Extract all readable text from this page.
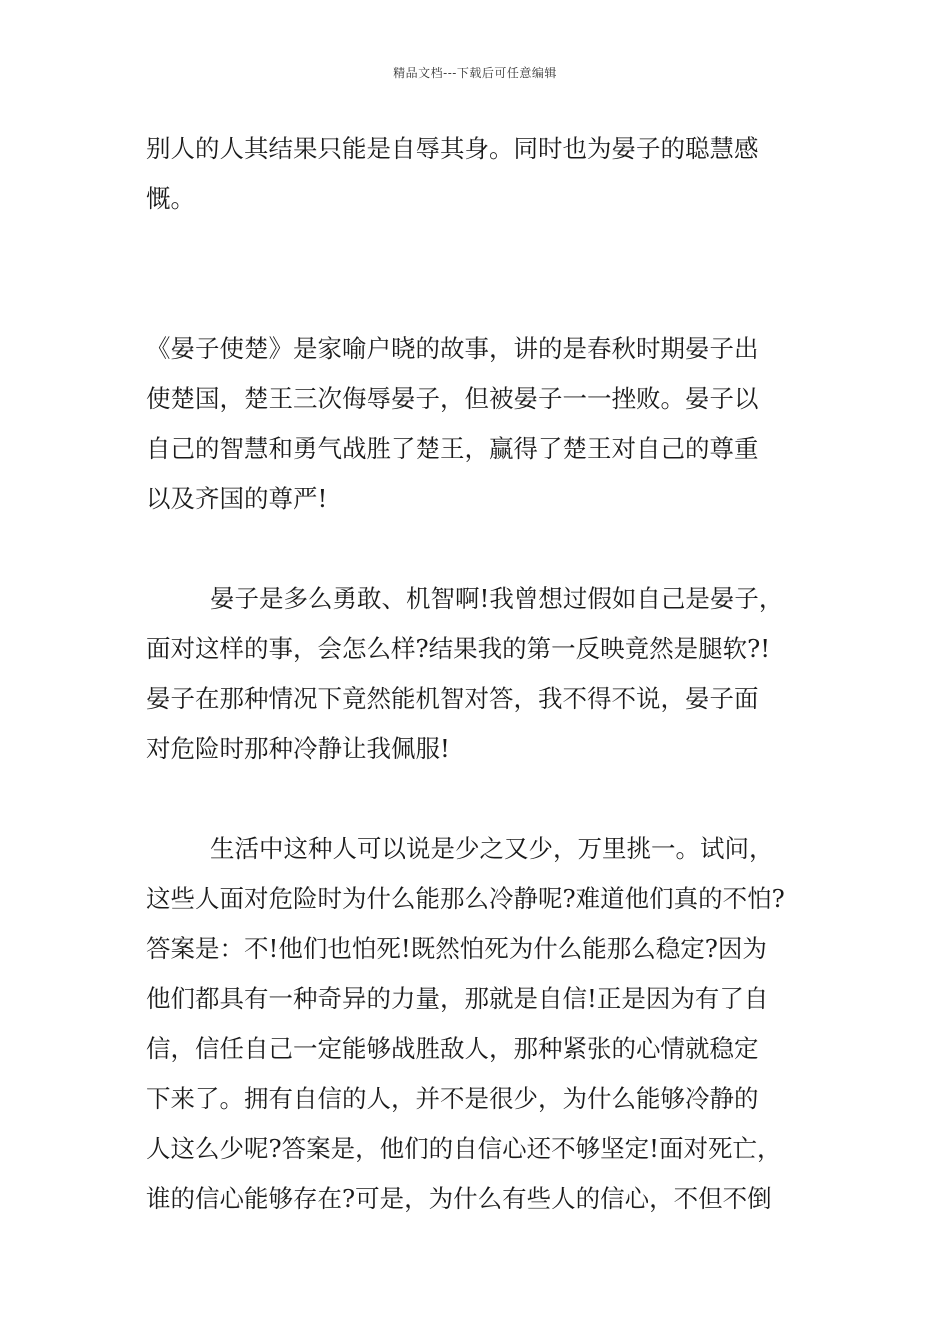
精品文档---下载后可任意编辑
别人的人其结果只能是自辱其身。同时也为晏子的聪慧感
慨。
《晏子使楚》是家喻户晓的故事，讲的是春秋时期晏子出
使楚国，楚王三次侮辱晏子，但被晏子一一挫败。晏子以
自己的智慧和勇气战胜了楚王，赢得了楚王对自己的尊重
以及齐国的尊严!
晏子是多么勇敢、机智啊!我曾想过假如自己是晏子，
面对这样的事，会怎么样?结果我的第一反映竟然是腿软?!
晏子在那种情况下竟然能机智对答，我不得不说，晏子面
对危险时那种冷静让我佩服!
生活中这种人可以说是少之又少，万里挑一。试问，
这些人面对危险时为什么能那么冷静呢?难道他们真的不怕?
答案是：不!他们也怕死!既然怕死为什么能那么稳定?因为
他们都具有一种奇异的力量，那就是自信!正是因为有了自
信，信任自己一定能够战胜敌人，那种紧张的心情就稳定
下来了。拥有自信的人，并不是很少，为什么能够冷静的
人这么少呢?答案是，他们的自信心还不够坚定!面对死亡，
谁的信心能够存在?可是，为什么有些人的信心，不但不倒
